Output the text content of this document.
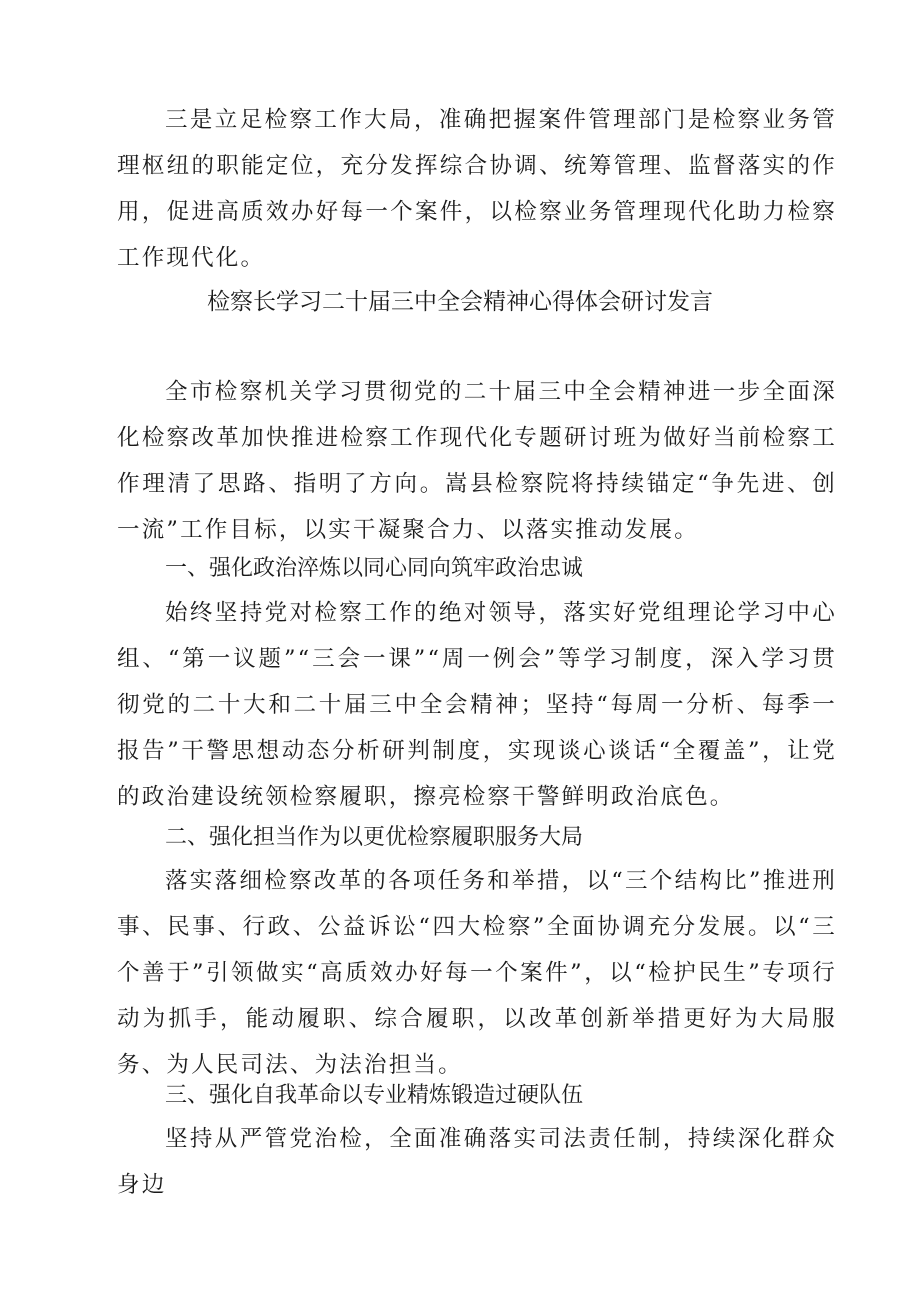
三是立足检察工作大局，准确把握案件管理部门是检察业务管理枢纽的职能定位，充分发挥综合协调、统筹管理、监督落实的作用，促进高质效办好每一个案件，以检察业务管理现代化助力检察工作现代化。

检察长学习二十届三中全会精神心得体会研讨发言

全市检察机关学习贯彻党的二十届三中全会精神进一步全面深化检察改革加快推进检察工作现代化专题研讨班为做好当前检察工作理清了思路、指明了方向。嵩县检察院将持续锚定“争先进、创一流”工作目标，以实干凝聚合力、以落实推动发展。

一、强化政治淬炼以同心同向筑牢政治忠诚

始终坚持党对检察工作的绝对领导，落实好党组理论学习中心组、“第一议题”“三会一课”“周一例会”等学习制度，深入学习贯彻党的二十大和二十届三中全会精神；坚持“每周一分析、每季一报告”干警思想动态分析研判制度，实现谈心谈话“全覆盖”，让党的政治建设统领检察履职，擦亮检察干警鲜明政治底色。

二、强化担当作为以更优检察履职服务大局

落实落细检察改革的各项任务和举措，以“三个结构比”推进刑事、民事、行政、公益诉讼“四大检察”全面协调充分发展。以“三个善于”引领做实“高质效办好每一个案件”，以“检护民生”专项行动为抓手，能动履职、综合履职，以改革创新举措更好为大局服务、为人民司法、为法治担当。

三、强化自我革命以专业精炼锻造过硬队伍

坚持从严管党治检，全面准确落实司法责任制，持续深化群众身边
